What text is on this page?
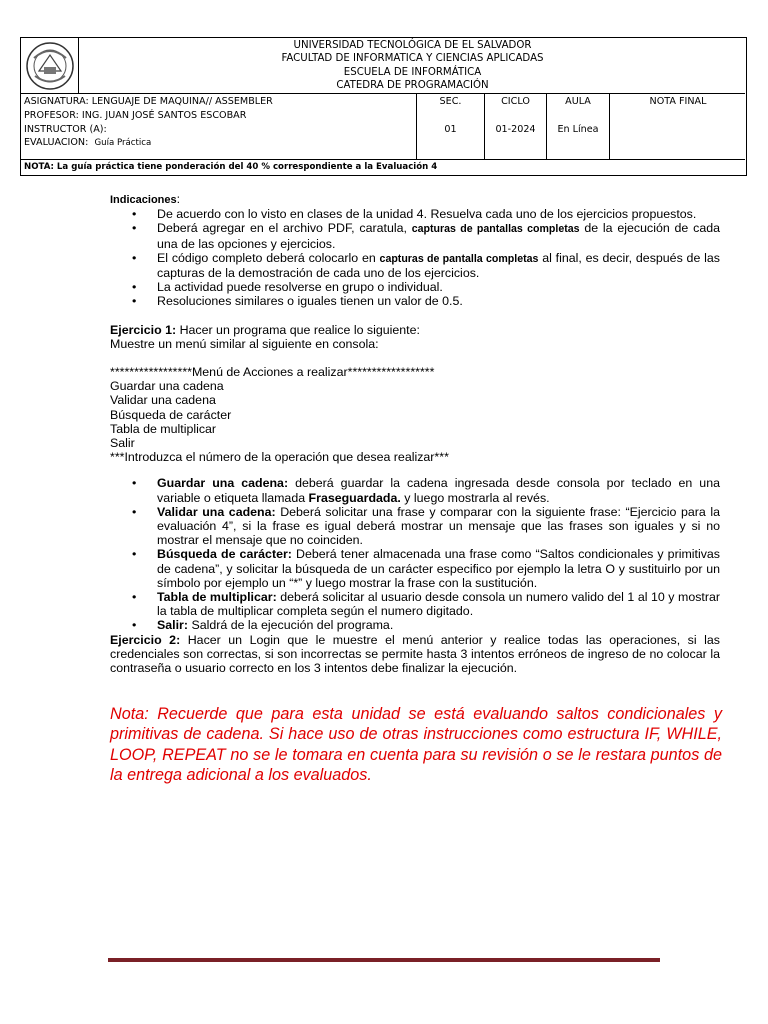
UNIVERSIDAD TECNOLÓGICA DE EL SALVADOR
FACULTAD DE INFORMATICA Y CIENCIAS APLICADAS
ESCUELA DE INFORMÁTICA
CATEDRA DE PROGRAMACIÓN
ASIGNATURA: LENGUAJE DE MAQUINA// ASSEMBLER
PROFESOR: ING. JUAN JOSÉ SANTOS ESCOBAR
INSTRUCTOR (A):
EVALUACION: Guía Práctica
SEC.	CICLO	AULA	NOTA FINAL
01	01-2024	En Línea
NOTA: La guía práctica tiene ponderación del 40 % correspondiente a la Evaluación 4

Indicaciones:

• De acuerdo con lo visto en clases de la unidad 4. Resuelva cada uno de los ejercicios propuestos.
• Deberá agregar en el archivo PDF, caratula, capturas de pantallas completas de la ejecución de cada una de las opciones y ejercicios.
• El código completo deberá colocarlo en capturas de pantalla completas al final, es decir, después de las capturas de la demostración de cada uno de los ejercicios.
• La actividad puede resolverse en grupo o individual.
• Resoluciones similares o iguales tienen un valor de 0.5.

Ejercicio 1: Hacer un programa que realice lo siguiente:

Muestre un menú similar al siguiente en consola:

*****************Menú de Acciones a realizar******************

Guardar una cadena

Validar una cadena

Búsqueda de carácter

Tabla de multiplicar

Salir

***Introduzca el número de la operación que desea realizar***

• Guardar una cadena: deberá guardar la cadena ingresada desde consola por teclado en una variable o etiqueta llamada Fraseguardada. y luego mostrarla al revés.
• Validar una cadena: Deberá solicitar una frase y comparar con la siguiente frase: “Ejercicio para la evaluación 4”, si la frase es igual deberá mostrar un mensaje que las frases son iguales y si no mostrar el mensaje que no coinciden.
• Búsqueda de carácter: Deberá tener almacenada una frase como “Saltos condicionales y primitivas de cadena”, y solicitar la búsqueda de un carácter especifico por ejemplo la letra O y sustituirlo por un símbolo por ejemplo un “*” y luego mostrar la frase con la sustitución.
• Tabla de multiplicar: deberá solicitar al usuario desde consola un numero valido del 1 al 10 y mostrar la tabla de multiplicar completa según el numero digitado.
• Salir: Saldrá de la ejecución del programa.

Ejercicio 2: Hacer un Login que le muestre el menú anterior y realice todas las operaciones, si las credenciales son correctas, si son incorrectas se permite hasta 3 intentos erróneos de ingreso de no colocar la contraseña o usuario correcto en los 3 intentos debe finalizar la ejecución.

Nota: Recuerde que para esta unidad se está evaluando saltos condicionales y primitivas de cadena. Si hace uso de otras instrucciones como estructura IF, WHILE, LOOP, REPEAT no se le tomara en cuenta para su revisión o se le restara puntos de la entrega adicional a los evaluados.
